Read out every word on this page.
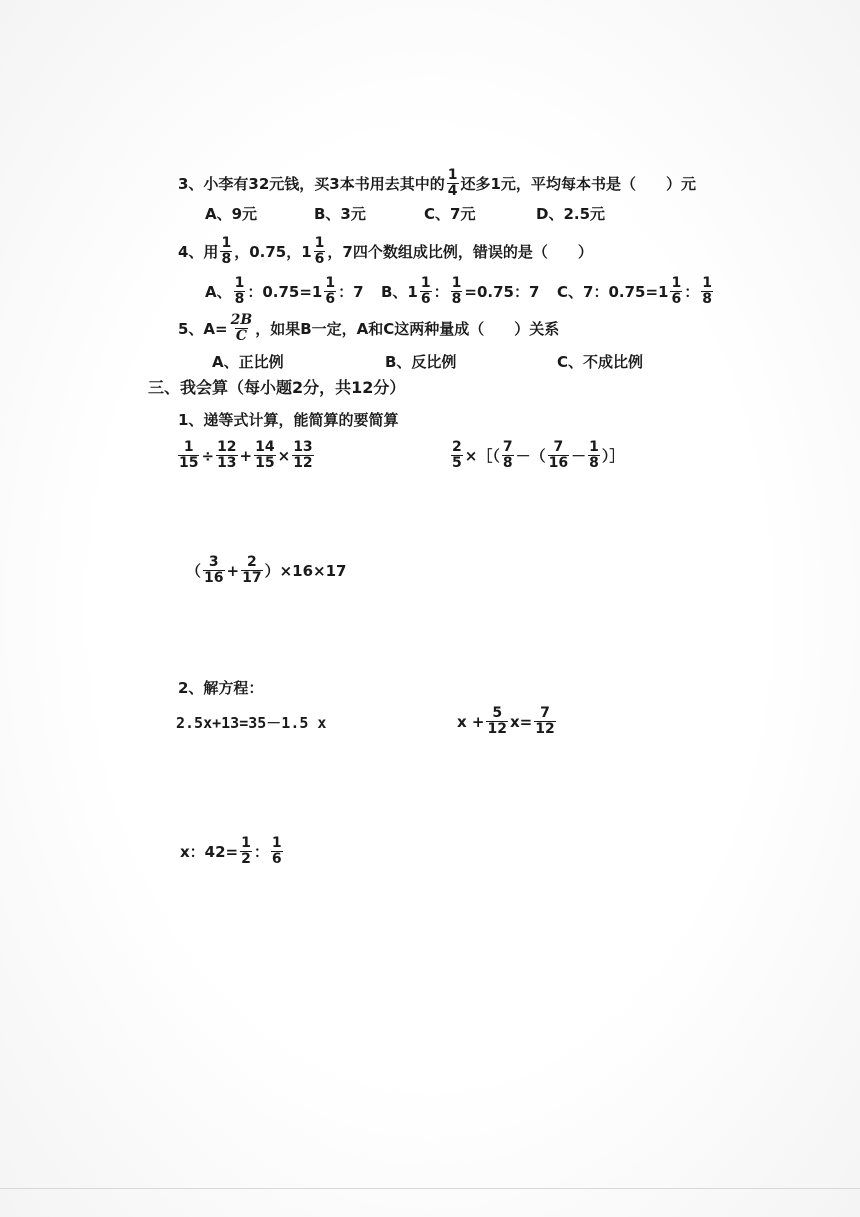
3、小李有32元钱，买3本书用去其中的 $\frac{1}{4}$ 还多1元，平均每本书是（　　）元
A、9元	B、3元	C、7元	D、2.5元
4、用 $\frac{1}{8}$ ，0.75， $1 \frac{1}{6}$ ，7四个数组成比例，错误的是（　　）
A、 $\frac{1}{8}$ ：$0.75=1 \frac{1}{6}$ ：7 B、$1 \frac{1}{6}$ ： $\frac{1}{8} =0.75$：7 C、7：$0.75=1 \frac{1}{6}$ ： $\frac{1}{8}$
5、$A= \frac{2B}{C}$ ，如果B一定，A和C这两种量成（　　）关系
A、正比例	B、反比例	C、不成比例
三、我会算（每小题2分，共12分）
1、递等式计算，能简算的要简算
$\frac{1}{15} \div \frac{12}{13} + \frac{14}{15} \times \frac{13}{12}$	$\frac{2}{5}$ ×［（ $\frac{7}{8}$ －（ $\frac{7}{16} - \frac{1}{8}$ ）］
（ $\frac{3}{16} + \frac{2}{17} )\times 16\times 17$
2、解方程：
2.5x+13=35－1.5 x	$x + \frac{5}{12} x= \frac{7}{12}$
x：$42= \frac{1}{2}$ ： $\frac{1}{6}$
